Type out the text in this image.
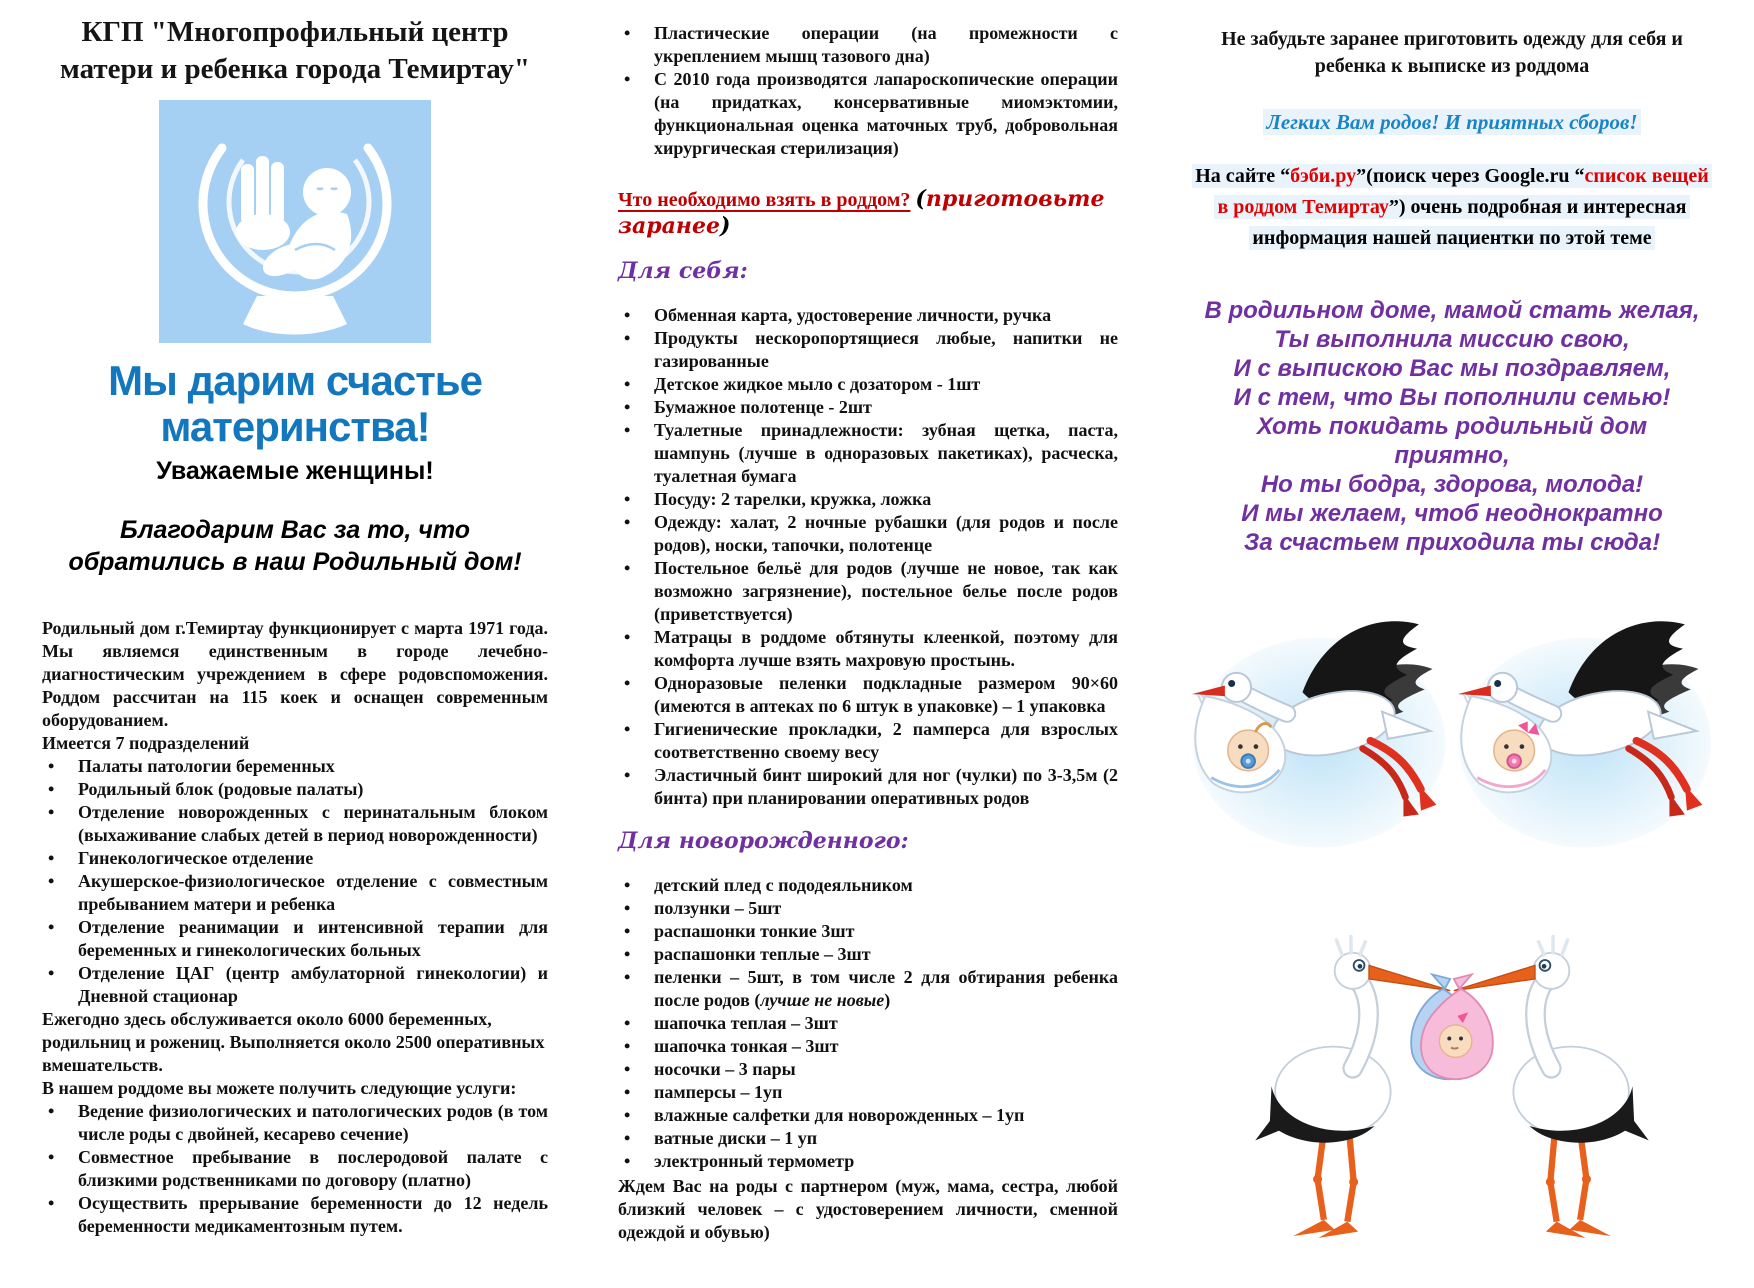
КГП "Многопрофильный центр матери и ребенка города Темиртау"

Мы дарим счастье материнства!

Уважаемые женщины!

Благодарим Вас за то, что обратились в наш Родильный дом!

Родильный дом г.Темиртау функционирует с марта 1971 года. Мы являемся единственным в городе лечебно- диагностическим учреждением в сфере родовспоможения. Роддом рассчитан на 115 коек и оснащен современным оборудованием.

Имеется 7 подразделений

• Палаты патологии беременных
• Родильный блок (родовые палаты)
• Отделение новорожденных с перинатальным блоком (выхаживание слабых детей в период новорожденности)
• Гинекологическое отделение
• Акушерское-физиологическое отделение с совместным пребыванием матери и ребенка
• Отделение реанимации и интенсивной терапии для беременных и гинекологических больных
• Отделение ЦАГ (центр амбулаторной гинекологии) и Дневной стационар

Ежегодно здесь обслуживается около 6000 беременных, родильниц и рожениц. Выполняется около 2500 оперативных вмешательств.

В нашем роддоме вы можете получить следующие услуги:

• Ведение физиологических и патологических родов (в том числе роды с двойней, кесарево сечение)
• Совместное пребывание в послеродовой палате с близкими родственниками по договору (платно)
• Осуществить прерывание беременности до 12 недель беременности медикаментозным путем.
• Пластические операции (на промежности с укреплением мышц тазового дна)
• С 2010 года производятся лапароскопические операции (на придатках, консервативные миомэктомии, функциональная оценка маточных труб, добровольная хирургическая стерилизация)

Что необходимо взять в роддом? (приготовьте заранее)

Для себя:

• Обменная карта, удостоверение личности, ручка
• Продукты нескоропортящиеся любые, напитки не газированные
• Детское жидкое мыло с дозатором - 1шт
• Бумажное полотенце - 2шт
• Туалетные принадлежности: зубная щетка, паста, шампунь (лучше в одноразовых пакетиках), расческа, туалетная бумага
• Посуду: 2 тарелки, кружка, ложка
• Одежду: халат, 2 ночные рубашки (для родов и после родов), носки, тапочки, полотенце
• Постельное бельё для родов (лучше не новое, так как возможно загрязнение), постельное белье после родов (приветствуется)
• Матрацы в роддоме обтянуты клеенкой, поэтому для комфорта лучше взять махровую простынь.
• Одноразовые пеленки подкладные размером 90×60 (имеются в аптеках по 6 штук в упаковке) – 1 упаковка
• Гигиенические прокладки, 2 памперса для взрослых соответственно своему весу
• Эластичный бинт широкий для ног (чулки) по 3-3,5м (2 бинта) при планировании оперативных родов

Для новорожденного:

• детский плед с пододеяльником
• ползунки – 5шт
• распашонки тонкие 3шт
• распашонки теплые – 3шт
• пеленки – 5шт, в том числе 2 для обтирания ребенка после родов (лучше не новые)
• шапочка теплая – 3шт
• шапочка тонкая – 3шт
• носочки – 3 пары
• памперсы – 1уп
• влажные салфетки для новорожденных – 1уп
• ватные диски – 1 уп
• электронный термометр

Ждем Вас на роды с партнером (муж, мама, сестра, любой близкий человек – с удостоверением личности, сменной одеждой и обувью)

Не забудьте заранее приготовить одежду для себя и ребенка к выписке из роддома

Легких Вам родов! И приятных сборов!

На сайте “бэби.ру”(поиск через Google.ru “список вещей в роддом Темиртау”) очень подробная и интересная информация нашей пациентки по этой теме

В родильном доме, мамой стать желая,
Ты выполнила миссию свою,
И с выпискою Вас мы поздравляем,
И с тем, что Вы пополнили семью!
Хоть покидать родильный дом
приятно,
Но ты бодра, здорова, молода!
И мы желаем, чтоб неоднократно
За счастьем приходила ты сюда!
